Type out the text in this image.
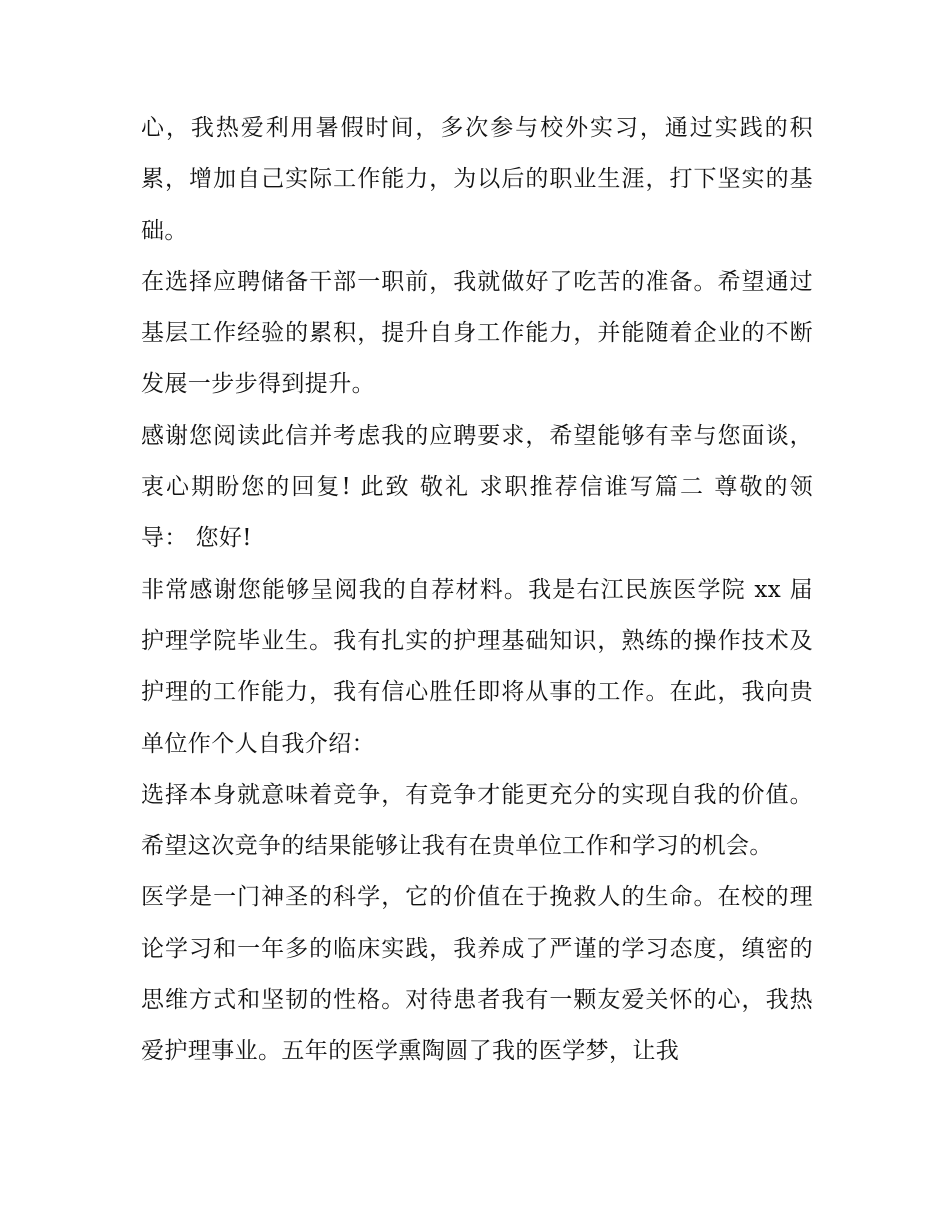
心，我热爱利用暑假时间，多次参与校外实习，通过实践的积累，增加自己实际工作能力，为以后的职业生涯，打下坚实的基础。

在选择应聘储备干部一职前，我就做好了吃苦的准备。希望通过基层工作经验的累积，提升自身工作能力，并能随着企业的不断发展一步步得到提升。

感谢您阅读此信并考虑我的应聘要求，希望能够有幸与您面谈，衷心期盼您的回复! 此致 敬礼 求职推荐信谁写篇二 尊敬的领导： 您好!

非常感谢您能够呈阅我的自荐材料。我是右江民族医学院 xx 届护理学院毕业生。我有扎实的护理基础知识，熟练的操作技术及护理的工作能力，我有信心胜任即将从事的工作。在此，我向贵单位作个人自我介绍：

选择本身就意味着竞争，有竞争才能更充分的实现自我的价值。希望这次竞争的结果能够让我有在贵单位工作和学习的机会。

医学是一门神圣的科学，它的价值在于挽救人的生命。在校的理论学习和一年多的临床实践，我养成了严谨的学习态度，缜密的思维方式和坚韧的性格。对待患者我有一颗友爱关怀的心，我热爱护理事业。五年的医学熏陶圆了我的医学梦，让我
